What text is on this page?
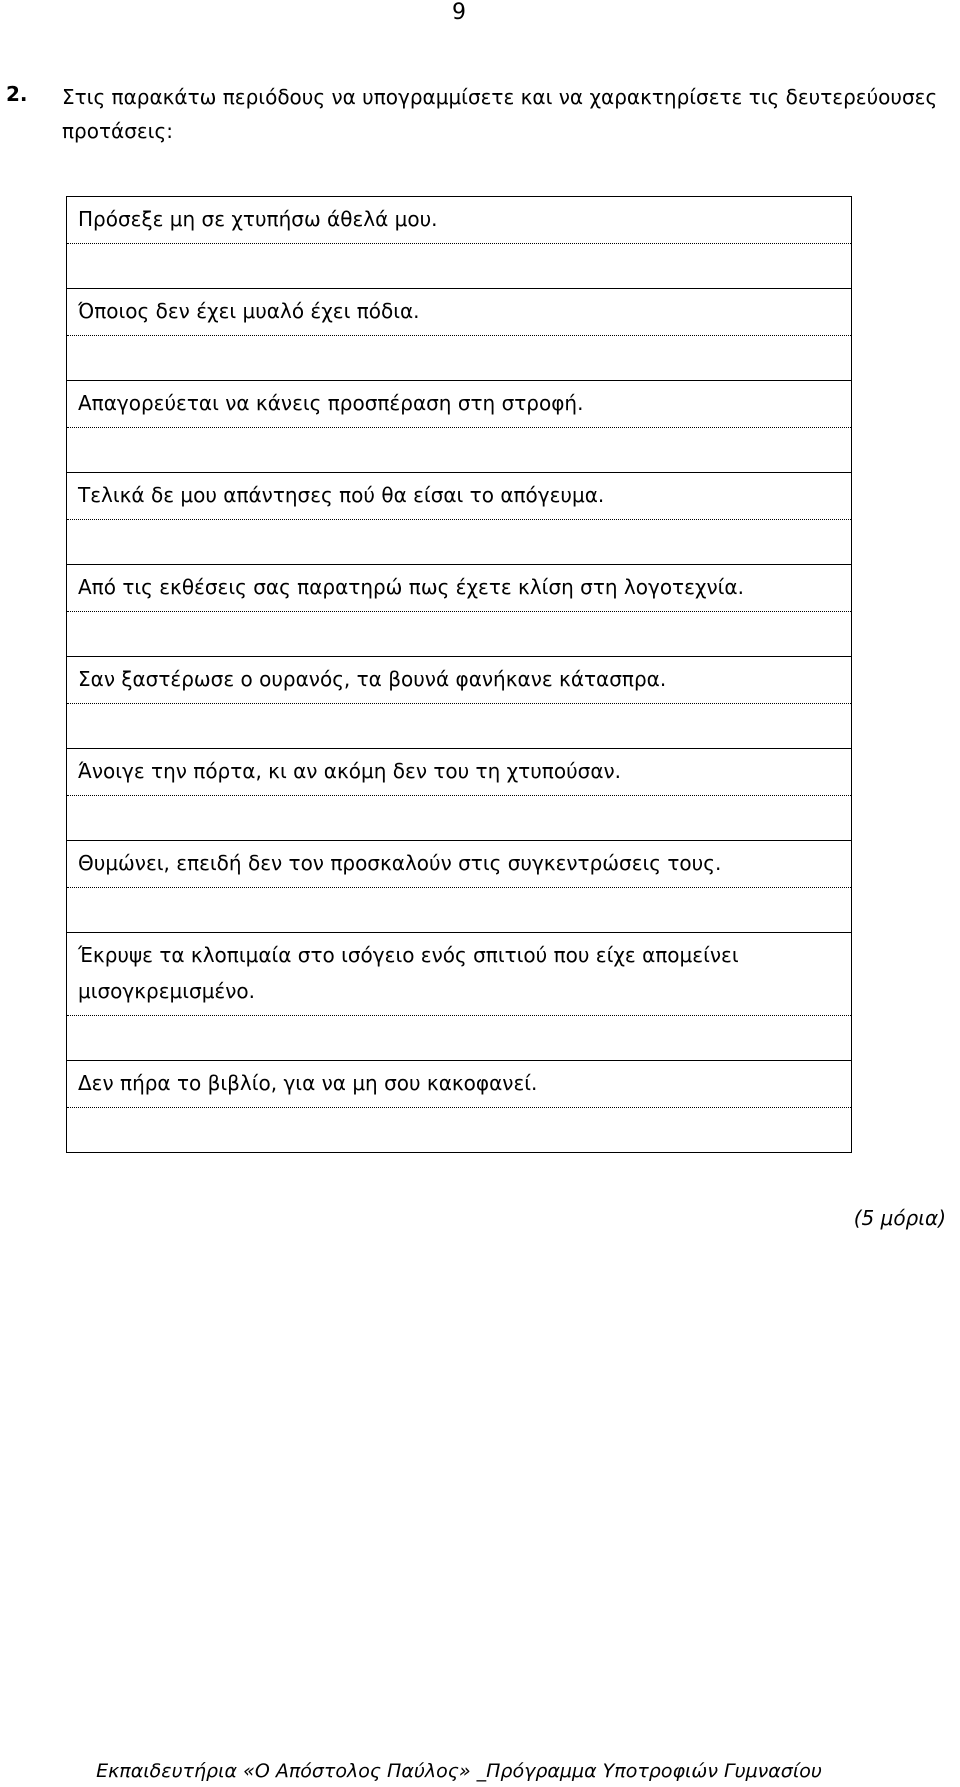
9
2. Στις παρακάτω περιόδους να υπογραμμίσετε και να χαρακτηρίσετε τις δευτερεύουσες προτάσεις:
Πρόσεξε μη σε χτυπήσω άθελά μου.
Όποιος δεν έχει μυαλό έχει πόδια.
Απαγορεύεται να κάνεις προσπέραση στη στροφή.
Τελικά δε μου απάντησες πού θα είσαι το απόγευμα.
Από τις εκθέσεις σας παρατηρώ πως έχετε κλίση στη λογοτεχνία.
Σαν ξαστέρωσε ο ουρανός, τα βουνά φανήκανε κάτασπρα.
Άνοιγε την πόρτα, κι αν ακόμη δεν του τη χτυπούσαν.
Θυμώνει, επειδή δεν τον προσκαλούν στις συγκεντρώσεις τους.
Έκρυψε τα κλοπιμαία στο ισόγειο ενός σπιτιού που είχε απομείνει μισογκρεμισμένο.
Δεν πήρα το βιβλίο, για να μη σου κακοφανεί.
(5 μόρια)
Εκπαιδευτήρια «Ο Απόστολος Παύλος» _Πρόγραμμα Υποτροφιών Γυμνασίου
